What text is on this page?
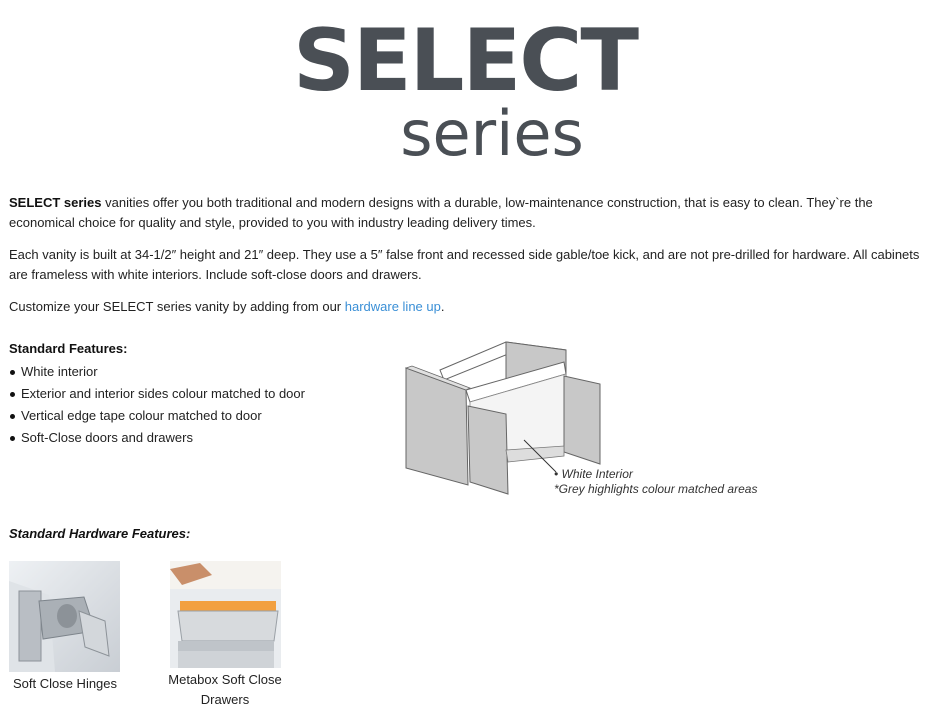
SELECT
series

SELECT series vanities offer you both traditional and modern designs with a durable, low-maintenance construction, that is easy to clean. They`re the economical choice for quality and style, provided to you with industry leading delivery times.

Each vanity is built at 34-1/2″ height and 21″ deep. They use a 5″ false front and recessed side gable/toe kick, and are not pre-drilled for hardware. All cabinets are frameless with white interiors. Include soft-close doors and drawers.

Customize your SELECT series vanity by adding from our hardware line up.

Standard Features:
White interior
Exterior and interior sides colour matched to door
Vertical edge tape colour matched to door
Soft-Close doors and drawers
• White Interior
*Grey highlights colour matched areas
Standard Hardware Features:
Soft Close Hinges	Metabox Soft Close
Drawers
